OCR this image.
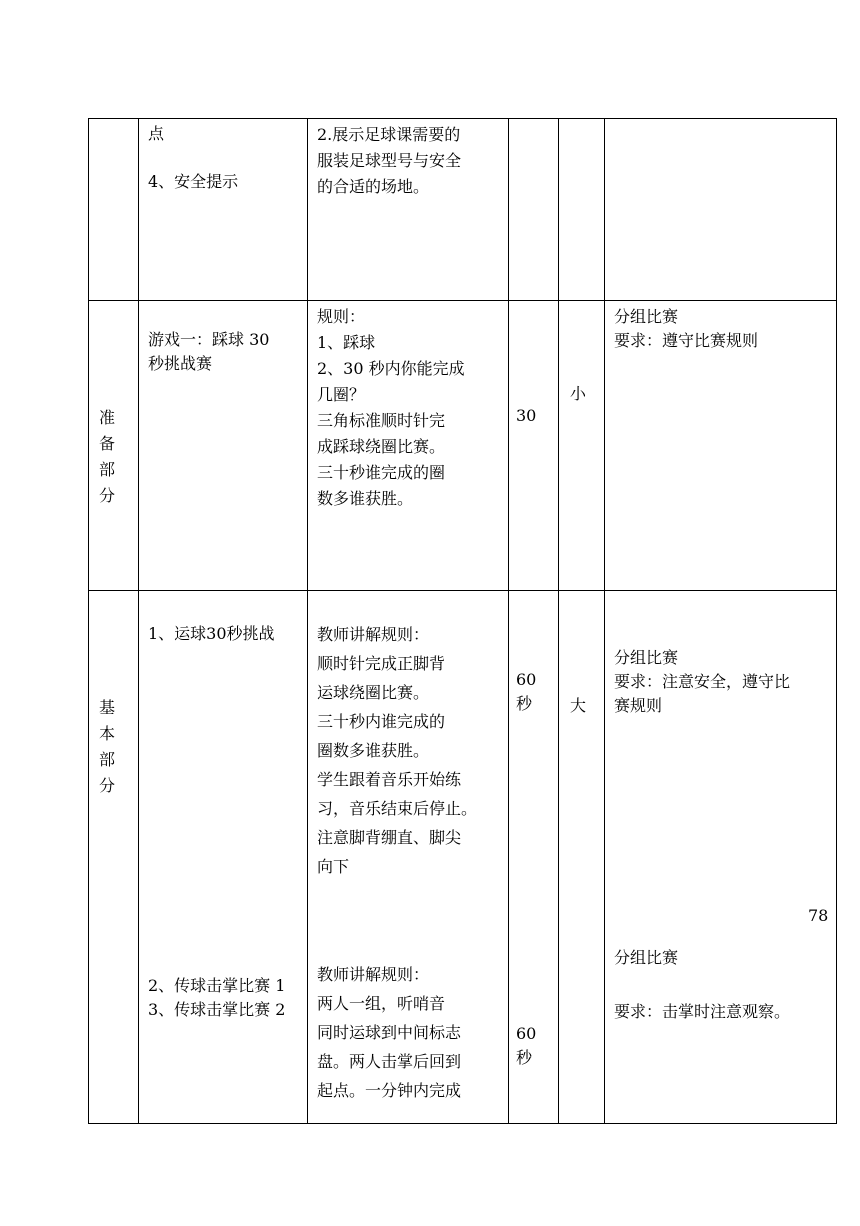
点

4、安全提示
2.展示足球课需要的
服装足球型号与安全
的合适的场地。
准
备
部
分
游戏一：踩球 30
秒挑战赛
规则：
1、踩球
2、30 秒内你能完成
几圈？
三角标准顺时针完
成踩球绕圈比赛。
三十秒谁完成的圈
数多谁获胜。
30
小
分组比赛
要求：遵守比赛规则
基
本
部
分
1、运球30秒挑战	教师讲解规则：
顺时针完成正脚背
运球绕圈比赛。
三十秒内谁完成的
圈数多谁获胜。
学生跟着音乐开始练
习，音乐结束后停止。
注意脚背绷直、脚尖
向下
60
秒 大
分组比赛
要求：注意安全，遵守比
赛规则
78
2、传球击掌比赛 1
3、传球击掌比赛 2
教师讲解规则：
两人一组，听哨音
同时运球到中间标志
盘。两人击掌后回到
起点。一分钟内完成
60
秒
分组比赛
要求：击掌时注意观察。
